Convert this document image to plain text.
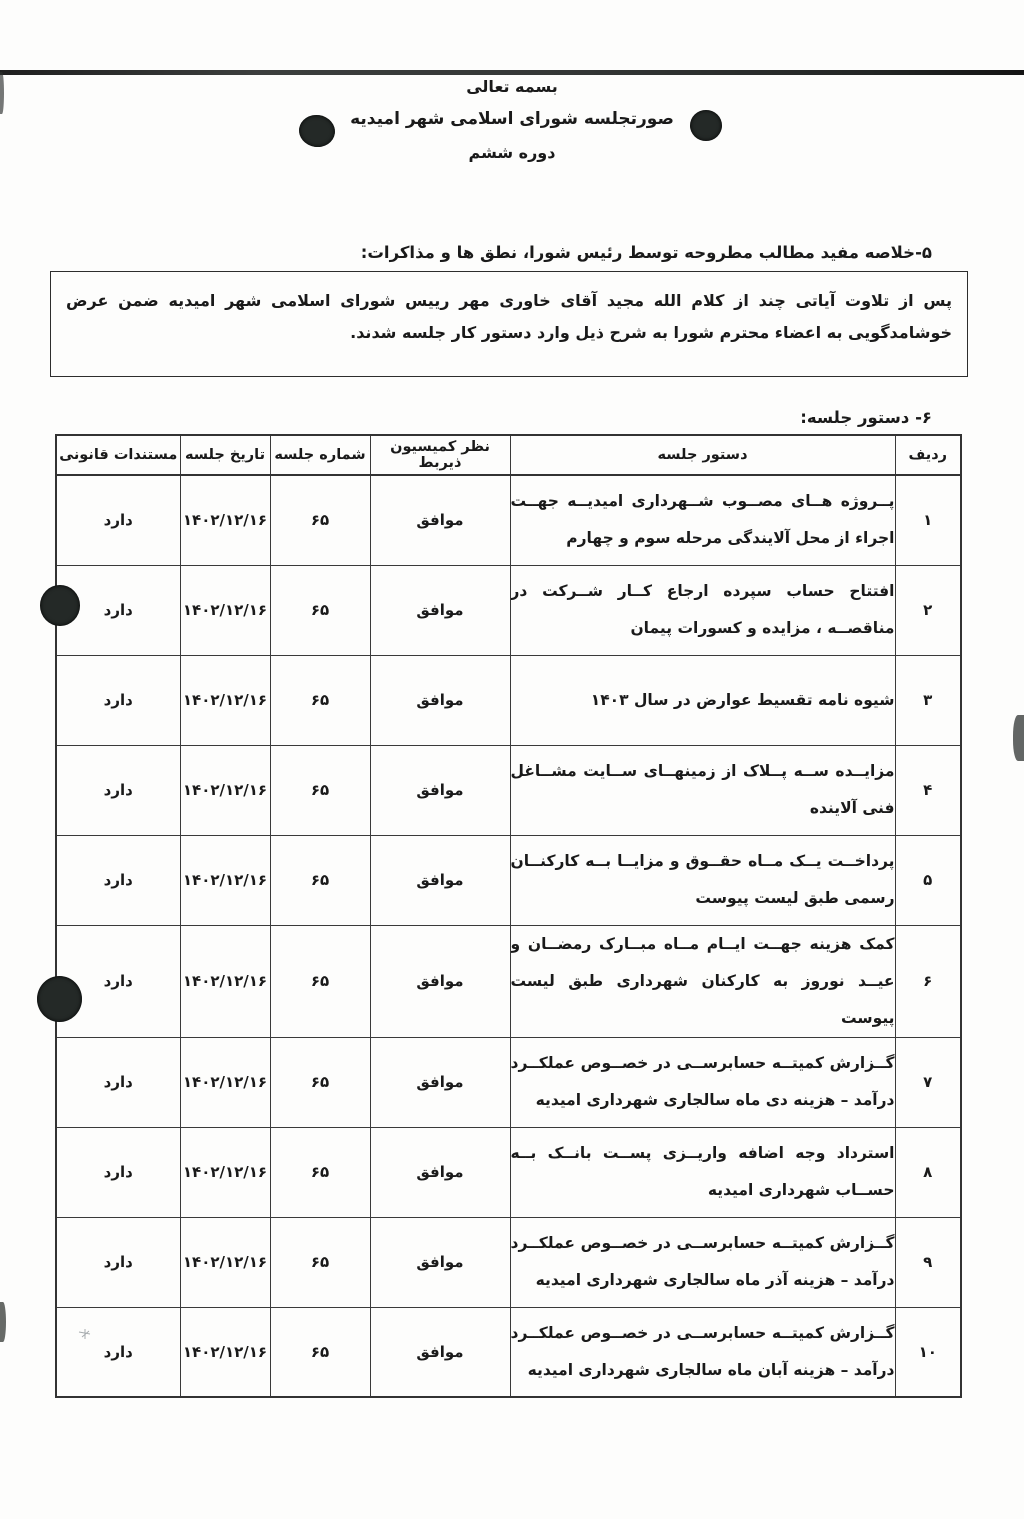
بسمه تعالی
صورتجلسه شورای اسلامی شهر امیدیه
دوره ششم
۵-خلاصه مفید مطالب مطروحه توسط رئیس شورا، نطق ها و مذاکرات:
پس از تلاوت آیاتی چند از کلام الله مجید آقای خاوری مهر رییس شورای اسلامی شهر امیدیه ضمن عرض خوشامدگویی به اعضاء محترم شورا به شرح ذیل وارد دستور کار جلسه شدند.
۶- دستور جلسه:
ردیف	دستور جلسه	نظر کمیسیون ذیربط	شماره جلسه	تاریخ جلسه	مستندات قانونی
۱	پــروژه هــای مصــوب شــهرداری امیدیــه جهــت اجراء از محل آلایندگی مرحله سوم و چهارم	موافق	۶۵	۱۴۰۲/۱۲/۱۶	دارد
۲	افتتاح حساب سپرده ارجاع کــار شــرکت در مناقصــه ، مزایده و کسورات پیمان	موافق	۶۵	۱۴۰۲/۱۲/۱۶	دارد
۳	شیوه نامه تقسیط عوارض در سال ۱۴۰۳	موافق	۶۵	۱۴۰۲/۱۲/۱۶	دارد
۴	مزایــده ســه پــلاک از زمینهــای ســایت مشــاغل فنی آلاینده	موافق	۶۵	۱۴۰۲/۱۲/۱۶	دارد
۵	پرداخــت یــک مــاه حقــوق و مزایــا بــه کارکنــان رسمی طبق لیست پیوست	موافق	۶۵	۱۴۰۲/۱۲/۱۶	دارد
۶	کمک هزینه جهــت ایــام مــاه مبــارک رمضــان و عیــد نوروز به کارکنان شهرداری طبق لیست پیوست	موافق	۶۵	۱۴۰۲/۱۲/۱۶	دارد
۷	گــزارش کمیتــه حسابرســی در خصــوص عملکــرد درآمد – هزینه دی ماه سالجاری شهرداری امیدیه	موافق	۶۵	۱۴۰۲/۱۲/۱۶	دارد
۸	استرداد وجه اضافه واریــزی پســت بانــک بــه حســاب شهرداری امیدیه	موافق	۶۵	۱۴۰۲/۱۲/۱۶	دارد
۹	گــزارش کمیتــه حسابرســی در خصــوص عملکــرد درآمد – هزینه آذر ماه سالجاری شهرداری امیدیه	موافق	۶۵	۱۴۰۲/۱۲/۱۶	دارد
۱۰	گــزارش کمیتــه حسابرســی در خصــوص عملکــرد درآمد – هزینه آبان ماه سالجاری شهرداری امیدیه	موافق	۶۵	۱۴۰۲/۱۲/۱۶	دارد
